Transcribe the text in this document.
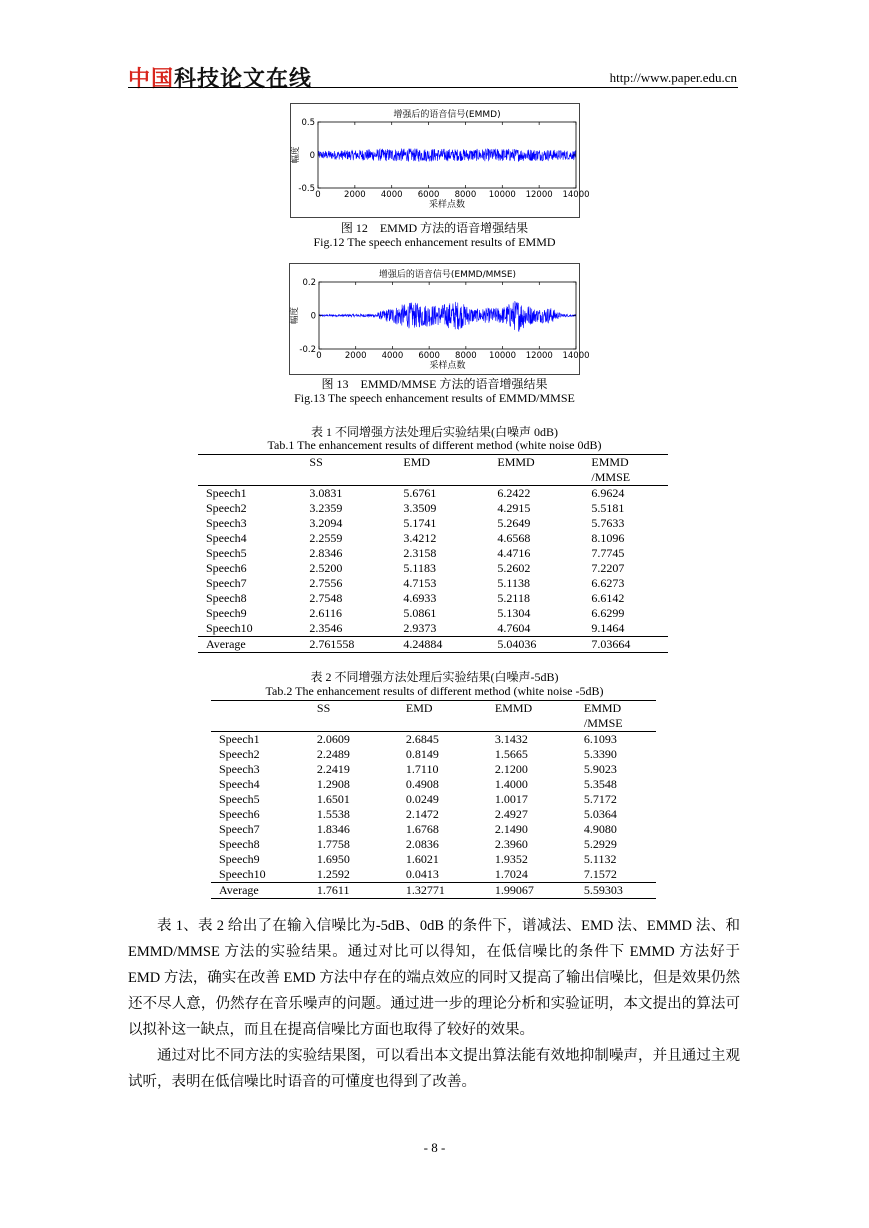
中国科技论文在线	http://www.paper.edu.cn
增强后的语音信号(EMMD)
0	2000 4000 6000 8000 10000 12000 14000
0.5
0
-0.5
采样点数
幅度
图 12　EMMD 方法的语音增强结果
Fig.12 The speech enhancement results of EMMD
增强后的语音信号(EMMD/MMSE)
0	2000 4000 6000 8000 10000 12000 14000
0.2
0
-0.2
采样点数
幅度
图 13　EMMD/MMSE 方法的语音增强结果
Fig.13 The speech enhancement results of EMMD/MMSE
表 1 不同增强方法处理后实验结果(白噪声 0dB)
Tab.1 The enhancement results of different method (white noise 0dB)
	SS	EMD	EMMD	EMMD
				/MMSE
Speech1	3.0831	5.6761	6.2422	6.9624
Speech2	3.2359	3.3509	4.2915	5.5181
Speech3	3.2094	5.1741	5.2649	5.7633
Speech4	2.2559	3.4212	4.6568	8.1096
Speech5	2.8346	2.3158	4.4716	7.7745
Speech6	2.5200	5.1183	5.2602	7.2207
Speech7	2.7556	4.7153	5.1138	6.6273
Speech8	2.7548	4.6933	5.2118	6.6142
Speech9	2.6116	5.0861	5.1304	6.6299
Speech10	2.3546	2.9373	4.7604	9.1464
Average	2.761558	4.24884	5.04036	7.03664
表 2 不同增强方法处理后实验结果(白噪声-5dB)
Tab.2 The enhancement results of different method (white noise -5dB)
	SS	EMD	EMMD	EMMD
				/MMSE
Speech1	2.0609	2.6845	3.1432	6.1093
Speech2	2.2489	0.8149	1.5665	5.3390
Speech3	2.2419	1.7110	2.1200	5.9023
Speech4	1.2908	0.4908	1.4000	5.3548
Speech5	1.6501	0.0249	1.0017	5.7172
Speech6	1.5538	2.1472	2.4927	5.0364
Speech7	1.8346	1.6768	2.1490	4.9080
Speech8	1.7758	2.0836	2.3960	5.2929
Speech9	1.6950	1.6021	1.9352	5.1132
Speech10	1.2592	0.0413	1.7024	7.1572
Average	1.7611	1.32771	1.99067	5.59303

表 1、表 2 给出了在输入信噪比为-5dB、0dB 的条件下，谱减法、EMD 法、EMMD 法、和 EMMD/MMSE 方法的实验结果。通过对比可以得知，在低信噪比的条件下 EMMD 方法好于 EMD 方法，确实在改善 EMD 方法中存在的端点效应的同时又提高了输出信噪比，但是效果仍然还不尽人意，仍然存在音乐噪声的问题。通过进一步的理论分析和实验证明，本文提出的算法可以拟补这一缺点，而且在提高信噪比方面也取得了较好的效果。

通过对比不同方法的实验结果图，可以看出本文提出算法能有效地抑制噪声，并且通过主观试听，表明在低信噪比时语音的可懂度也得到了改善。

- 8 -
